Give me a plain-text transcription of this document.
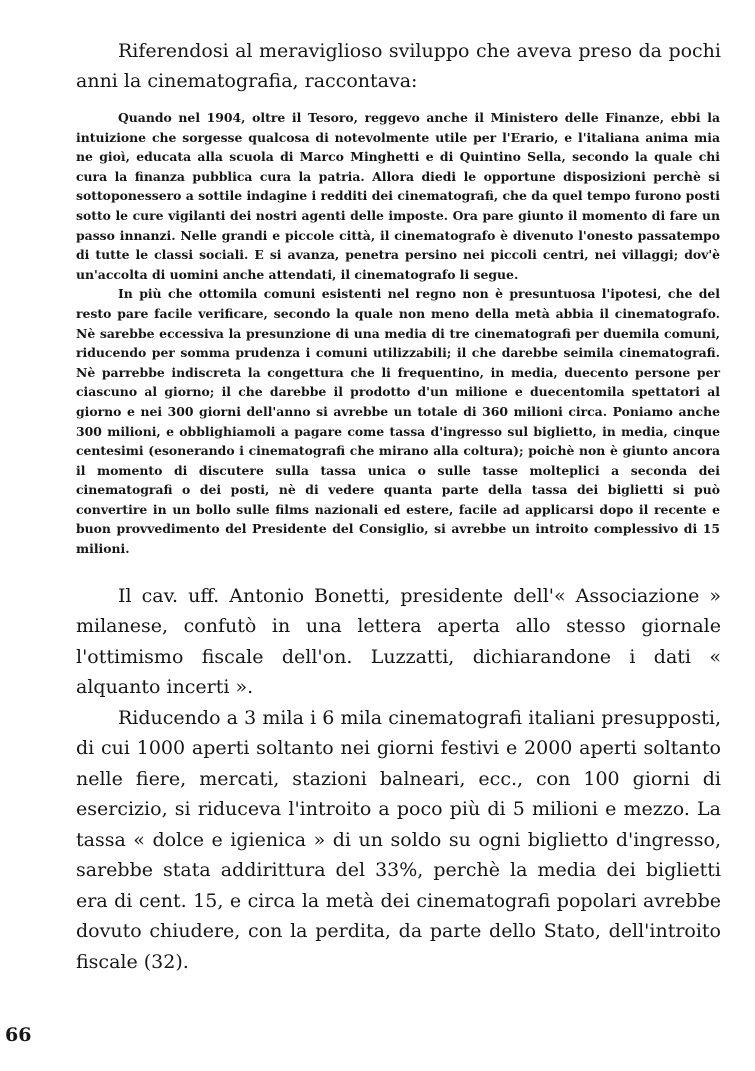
Riferendosi al meraviglioso sviluppo che aveva preso da pochi anni la cinematografia, raccontava:

Quando nel 1904, oltre il Tesoro, reggevo anche il Ministero delle Finanze, ebbi la intuizione che sorgesse qualcosa di notevolmente utile per l'Erario, e l'italiana anima mia ne gioì, educata alla scuola di Marco Minghetti e di Quintino Sella, secondo la quale chi cura la finanza pubblica cura la patria. Allora diedi le opportune disposizioni perchè si sottoponessero a sottile indagine i redditi dei cinematografi, che da quel tempo furono posti sotto le cure vigilanti dei nostri agenti delle imposte. Ora pare giunto il momento di fare un passo innanzi. Nelle grandi e piccole città, il cinematografo è divenuto l'onesto passatempo di tutte le classi sociali. E si avanza, penetra persino nei piccoli centri, nei villaggi; dov'è un'accolta di uomini anche attendati, il cinematografo li segue.

In più che ottomila comuni esistenti nel regno non è presuntuosa l'ipotesi, che del resto pare facile verificare, secondo la quale non meno della metà abbia il cinematografo. Nè sarebbe eccessiva la presunzione di una media di tre cinematografi per duemila comuni, riducendo per somma prudenza i comuni utilizzabili; il che darebbe seimila cinematografi. Nè parrebbe indiscreta la congettura che li frequentino, in media, duecento persone per ciascuno al giorno; il che darebbe il prodotto d'un milione e duecentomila spettatori al giorno e nei 300 giorni dell'anno si avrebbe un totale di 360 milioni circa. Poniamo anche 300 milioni, e obblighiamoli a pagare come tassa d'ingresso sul biglietto, in media, cinque centesimi (esonerando i cinematografi che mirano alla coltura); poichè non è giunto ancora il momento di discutere sulla tassa unica o sulle tasse molteplici a seconda dei cinematografi o dei posti, nè di vedere quanta parte della tassa dei biglietti si può convertire in un bollo sulle films nazionali ed estere, facile ad applicarsi dopo il recente e buon provvedimento del Presidente del Consiglio, si avrebbe un introito complessivo di 15 milioni.

Il cav. uff. Antonio Bonetti, presidente dell'« Associazione » milanese, confutò in una lettera aperta allo stesso giornale l'ottimismo fiscale dell'on. Luzzatti, dichiarandone i dati « alquanto incerti ».

Riducendo a 3 mila i 6 mila cinematografi italiani presupposti, di cui 1000 aperti soltanto nei giorni festivi e 2000 aperti soltanto nelle fiere, mercati, stazioni balneari, ecc., con 100 giorni di esercizio, si riduceva l'introito a poco più di 5 milioni e mezzo. La tassa « dolce e igienica » di un soldo su ogni biglietto d'ingresso, sarebbe stata addirittura del 33%, perchè la media dei biglietti era di cent. 15, e circa la metà dei cinematografi popolari avrebbe dovuto chiudere, con la perdita, da parte dello Stato, dell'introito fiscale (32).

66
